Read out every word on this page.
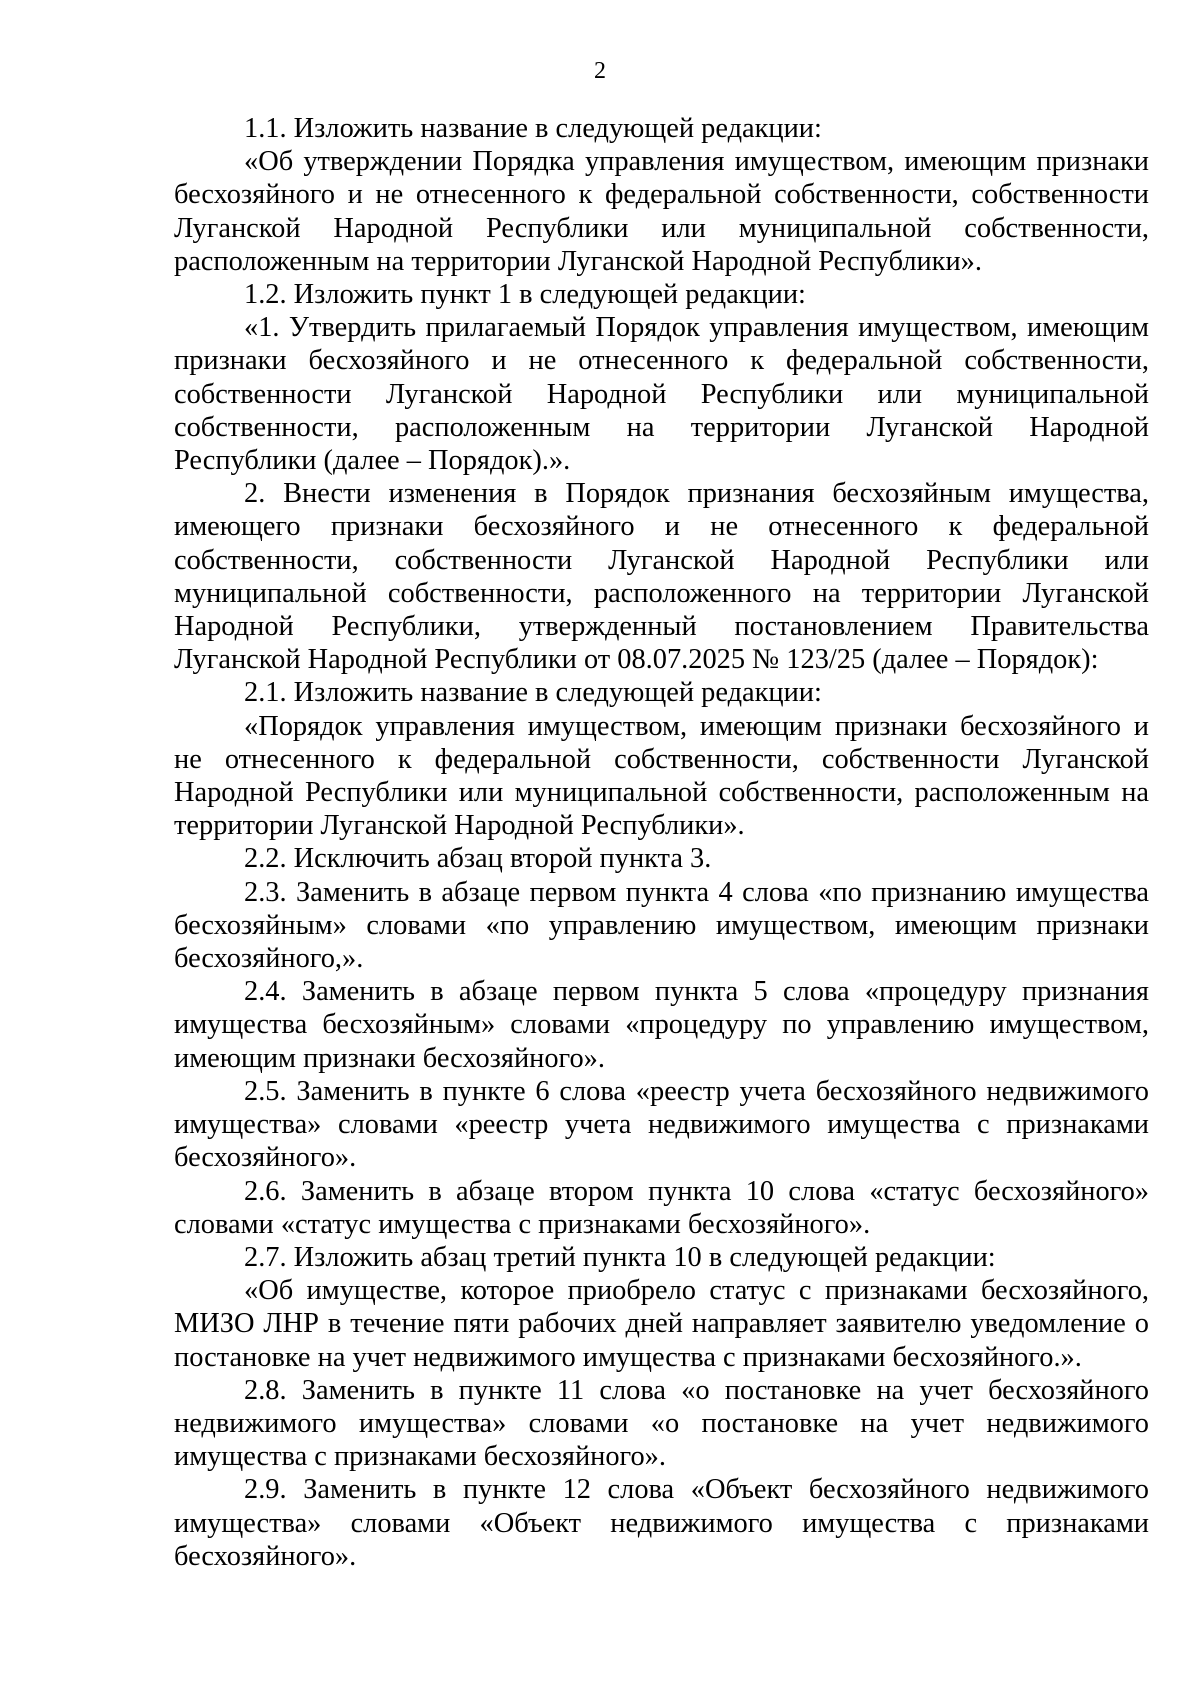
2

1.1. Изложить название в следующей редакции:

«Об утверждении Порядка управления имуществом, имеющим признаки бесхозяйного и не отнесенного к федеральной собственности, собственности Луганской Народной Республики или муниципальной собственности, расположенным на территории Луганской Народной Республики».

1.2. Изложить пункт 1 в следующей редакции:

«1. Утвердить прилагаемый Порядок управления имуществом, имеющим признаки бесхозяйного и не отнесенного к федеральной собственности, собственности Луганской Народной Республики или муниципальной собственности, расположенным на территории Луганской Народной Республики (далее – Порядок).».

2. Внести изменения в Порядок признания бесхозяйным имущества, имеющего признаки бесхозяйного и не отнесенного к федеральной собственности, собственности Луганской Народной Республики или муниципальной собственности, расположенного на территории Луганской Народной Республики, утвержденный постановлением Правительства Луганской Народной Республики от 08.07.2025 № 123/25 (далее – Порядок):

2.1. Изложить название в следующей редакции:

«Порядок управления имуществом, имеющим признаки бесхозяйного и не отнесенного к федеральной собственности, собственности Луганской Народной Республики или муниципальной собственности, расположенным на территории Луганской Народной Республики».

2.2. Исключить абзац второй пункта 3.

2.3. Заменить в абзаце первом пункта 4 слова «по признанию имущества бесхозяйным» словами «по управлению имуществом, имеющим признаки бесхозяйного,».

2.4. Заменить в абзаце первом пункта 5 слова «процедуру признания имущества бесхозяйным» словами «процедуру по управлению имуществом, имеющим признаки бесхозяйного».

2.5. Заменить в пункте 6 слова «реестр учета бесхозяйного недвижимого имущества» словами «реестр учета недвижимого имущества с признаками бесхозяйного».

2.6. Заменить в абзаце втором пункта 10 слова «статус бесхозяйного» словами «статус имущества с признаками бесхозяйного».

2.7. Изложить абзац третий пункта 10 в следующей редакции:

«Об имуществе, которое приобрело статус с признаками бесхозяйного, МИЗО ЛНР в течение пяти рабочих дней направляет заявителю уведомление о постановке на учет недвижимого имущества с признаками бесхозяйного.».

2.8. Заменить в пункте 11 слова «о постановке на учет бесхозяйного недвижимого имущества» словами «о постановке на учет недвижимого имущества с признаками бесхозяйного».

2.9. Заменить в пункте 12 слова «Объект бесхозяйного недвижимого имущества» словами «Объект недвижимого имущества с признаками бесхозяйного».
